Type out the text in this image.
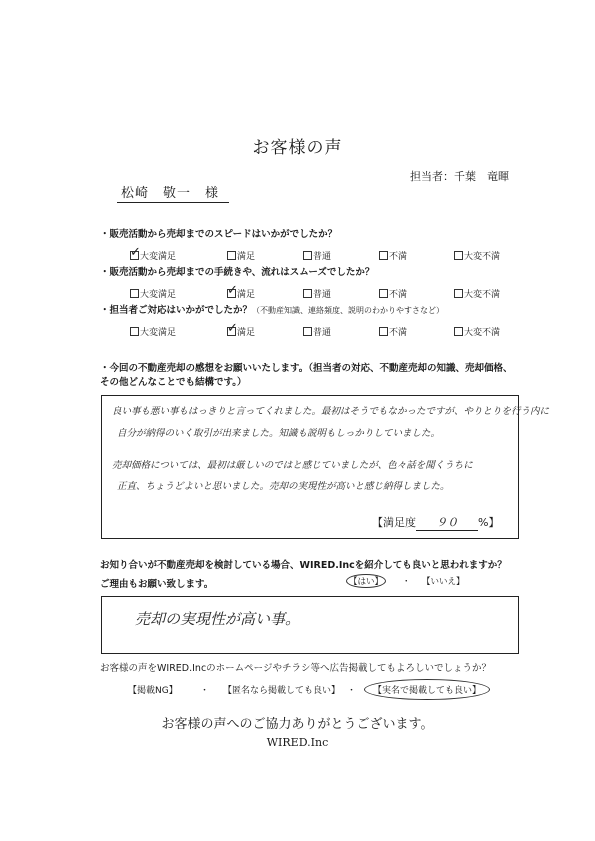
お客様の声
担当者：千葉　竜暉
松崎　敬一　様
・販売活動から売却までのスピードはいかがでしたか？
✓大変満足	満足	普通	不満	大変不満
・販売活動から売却までの手続きや、流れはスムーズでしたか？
大変満足 ✓	満足	普通	不満	大変不満
・担当者ご対応はいかがでしたか？（不動産知識、連絡頻度、説明のわかりやすさなど）
大変満足 ✓	満足	普通	不満	大変不満
・今回の不動産売却の感想をお願いいたします。（担当者の対応、不動産売却の知識、売却価格、
その他どんなことでも結構です。）
良い事も悪い事もはっきりと言ってくれました。最初はそうでもなかったですが、やりとりを行う内に
自分が納得のいく取引が出来ました。知識も説明もしっかりしていました。
売却価格については、最初は厳しいのではと感じていましたが、色々話を聞くうちに
正直、ちょうどよいと思いました。売却の実現性が高いと感じ納得しました。
【満足度 ９０ %】
お知り合いが不動産売却を検討している場合、WIRED.Incを紹介しても良いと思われますか？
ご理由もお願い致します。	【はい】	・ 【いいえ】
売却の実現性が高い事。
お客様の声をWIRED.Incのホームページやチラシ等へ広告掲載してもよろしいでしょうか？
【掲載NG】 ・ 【匿名なら掲載しても良い】 ・	【実名で掲載しても良い】
お客様の声へのご協力ありがとうございます。
WIRED.Inc
